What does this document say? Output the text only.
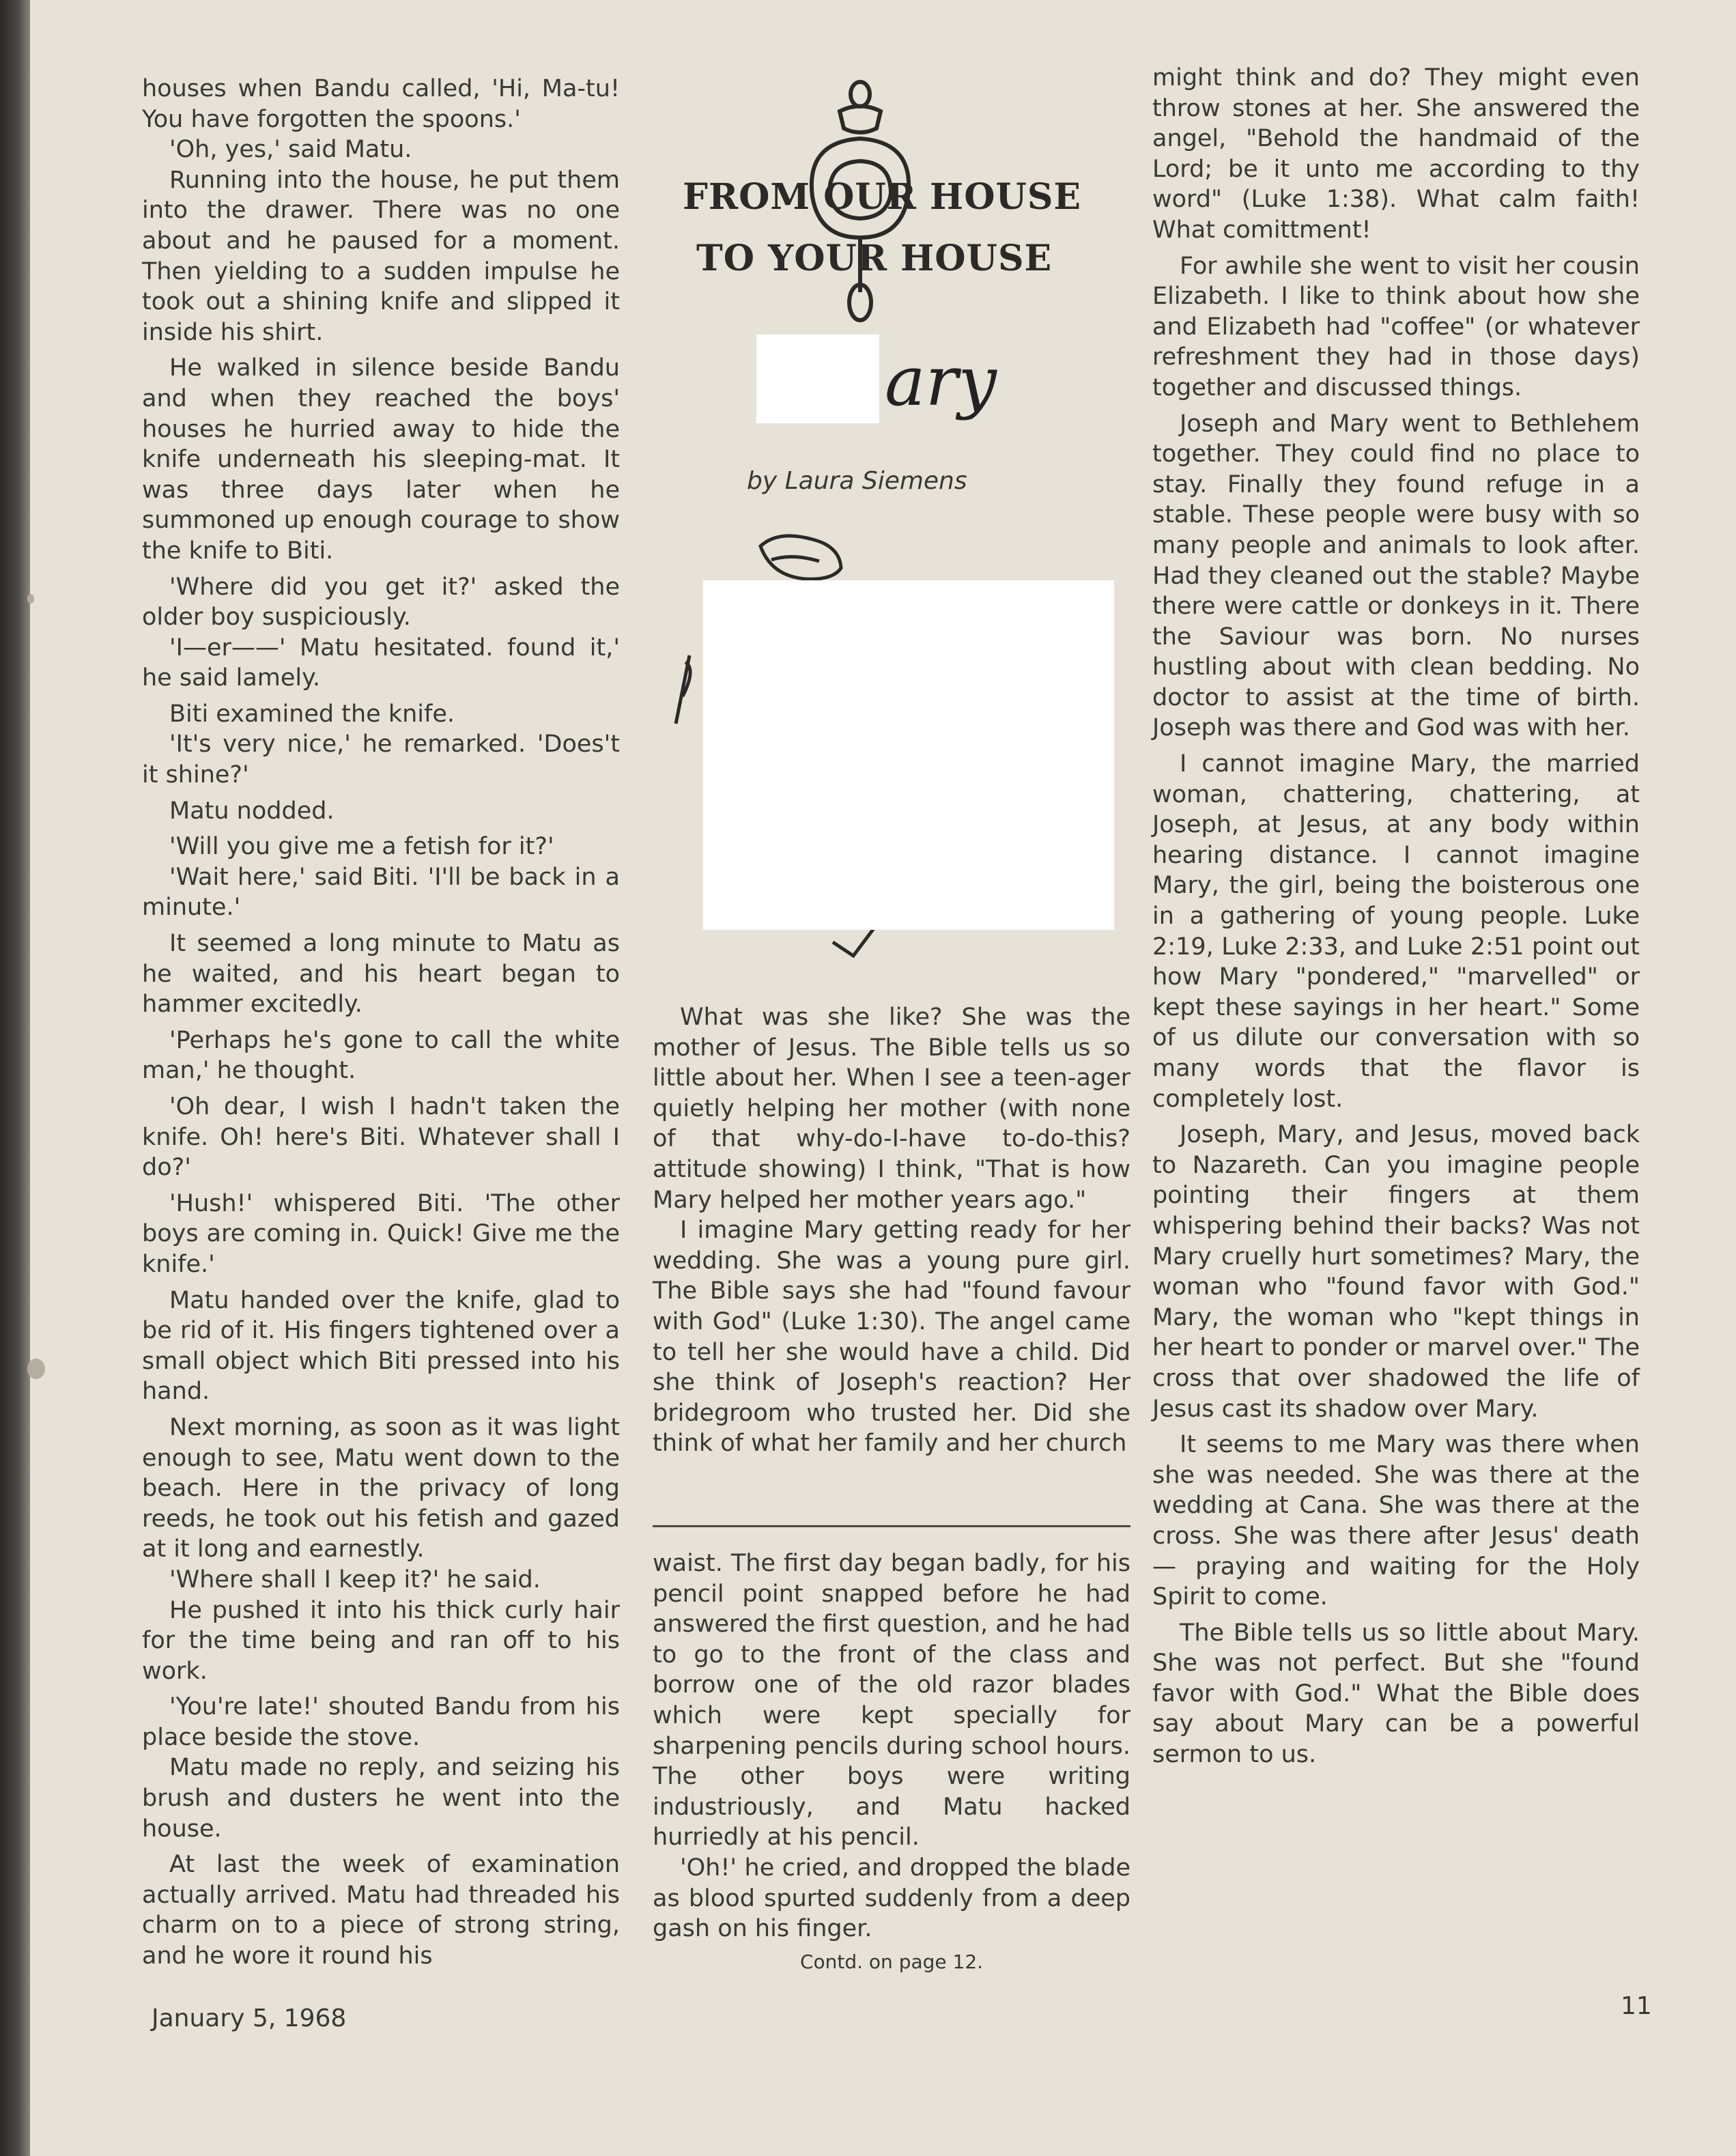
FROM OUR HOUSE
TO YOUR HOUSE
ary
by Laura Siemens

houses when Bandu called, 'Hi, Ma-tu! You have forgotten the spoons.'

'Oh, yes,' said Matu.

Running into the house, he put them into the drawer. There was no one about and he paused for a moment. Then yielding to a sudden impulse he took out a shining knife and slipped it inside his shirt.

He walked in silence beside Bandu and when they reached the boys' houses he hurried away to hide the knife underneath his sleeping-mat. It was three days later when he summoned up enough courage to show the knife to Biti.

'Where did you get it?' asked the older boy suspiciously.

'I—er——' Matu hesitated. found it,' he said lamely.

Biti examined the knife.

'It's very nice,' he remarked. 'Does't it shine?'

Matu nodded.

'Will you give me a fetish for it?'

'Wait here,' said Biti. 'I'll be back in a minute.'

It seemed a long minute to Matu as he waited, and his heart began to hammer excitedly.

'Perhaps he's gone to call the white man,' he thought.

'Oh dear, I wish I hadn't taken the knife. Oh! here's Biti. Whatever shall I do?'

'Hush!' whispered Biti. 'The other boys are coming in. Quick! Give me the knife.'

Matu handed over the knife, glad to be rid of it. His fingers tightened over a small object which Biti pressed into his hand.

Next morning, as soon as it was light enough to see, Matu went down to the beach. Here in the privacy of long reeds, he took out his fetish and gazed at it long and earnestly.

'Where shall I keep it?' he said.

He pushed it into his thick curly hair for the time being and ran off to his work.

'You're late!' shouted Bandu from his place beside the stove.

Matu made no reply, and seizing his brush and dusters he went into the house.

At last the week of examination actually arrived. Matu had threaded his charm on to a piece of strong string, and he wore it round his

What was she like? She was the mother of Jesus. The Bible tells us so little about her. When I see a teen-ager quietly helping her mother (with none of that why-do-I-have to-do-this? attitude showing) I think, "That is how Mary helped her mother years ago."

I imagine Mary getting ready for her wedding. She was a young pure girl. The Bible says she had "found favour with God" (Luke 1:30). The angel came to tell her she would have a child. Did she think of Joseph's reaction? Her bridegroom who trusted her. Did she think of what her family and her church

waist. The first day began badly, for his pencil point snapped before he had answered the first question, and he had to go to the front of the class and borrow one of the old razor blades which were kept specially for sharpening pencils during school hours. The other boys were writing industriously, and Matu hacked hurriedly at his pencil.

'Oh!' he cried, and dropped the blade as blood spurted suddenly from a deep gash on his finger.

Contd. on page 12.

might think and do? They might even throw stones at her. She answered the angel, "Behold the handmaid of the Lord; be it unto me according to thy word" (Luke 1:38). What calm faith! What comittment!

For awhile she went to visit her cousin Elizabeth. I like to think about how she and Elizabeth had "coffee" (or whatever refreshment they had in those days) together and discussed things.

Joseph and Mary went to Bethlehem together. They could find no place to stay. Finally they found refuge in a stable. These people were busy with so many people and animals to look after. Had they cleaned out the stable? Maybe there were cattle or donkeys in it. There the Saviour was born. No nurses hustling about with clean bedding. No doctor to assist at the time of birth. Joseph was there and God was with her.

I cannot imagine Mary, the married woman, chattering, chattering, at Joseph, at Jesus, at any body within hearing distance. I cannot imagine Mary, the girl, being the boisterous one in a gathering of young people. Luke 2:19, Luke 2:33, and Luke 2:51 point out how Mary "pondered," "marvelled" or kept these sayings in her heart." Some of us dilute our conversation with so many words that the flavor is completely lost.

Joseph, Mary, and Jesus, moved back to Nazareth. Can you imagine people pointing their fingers at them whispering behind their backs? Was not Mary cruelly hurt sometimes? Mary, the woman who "found favor with God." Mary, the woman who "kept things in her heart to ponder or marvel over." The cross that over shadowed the life of Jesus cast its shadow over Mary.

It seems to me Mary was there when she was needed. She was there at the wedding at Cana. She was there at the cross. She was there after Jesus' death — praying and waiting for the Holy Spirit to come.

The Bible tells us so little about Mary. She was not perfect. But she "found favor with God." What the Bible does say about Mary can be a powerful sermon to us.

January 5, 1968	11
